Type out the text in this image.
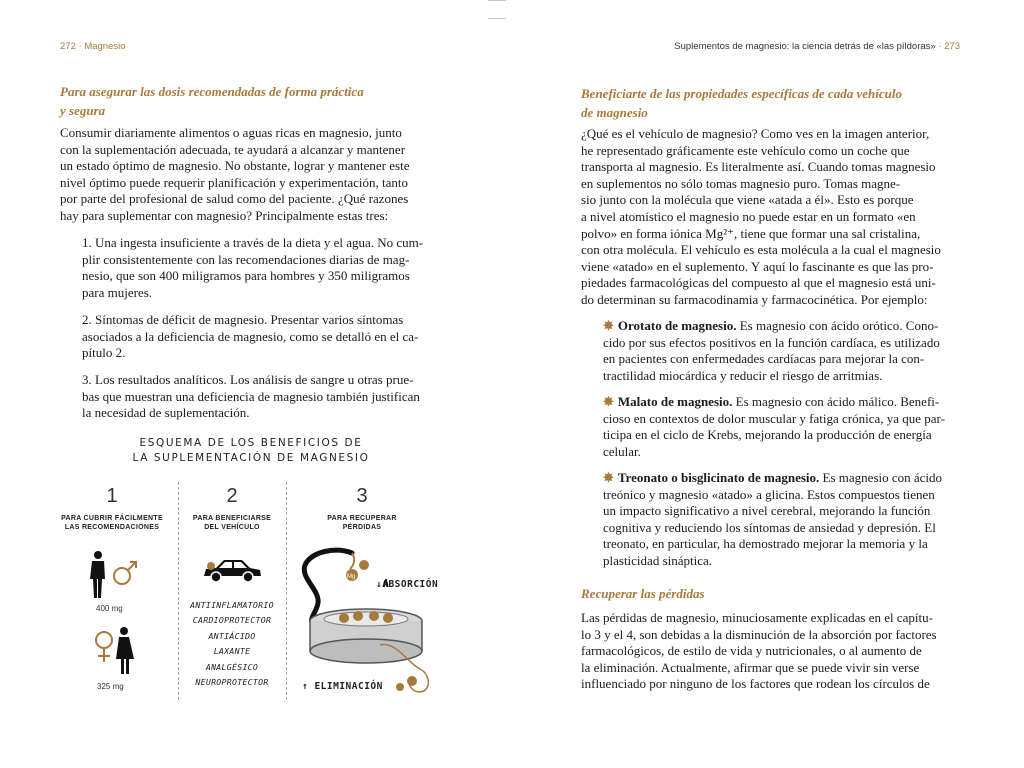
272 · Magnesio
Para asegurar las dosis recomendadas de forma práctica
y segura
Consumir diariamente alimentos o aguas ricas en magnesio, junto
con la suplementación adecuada, te ayudará a alcanzar y mantener
un estado óptimo de magnesio. No obstante, lograr y mantener este
nivel óptimo puede requerir planificación y experimentación, tanto
por parte del profesional de salud como del paciente. ¿Qué razones
hay para suplementar con magnesio? Principalmente estas tres:
1. Una ingesta insuficiente a través de la dieta y el agua. No cum-
plir consistentemente con las recomendaciones diarias de mag-
nesio, que son 400 miligramos para hombres y 350 miligramos
para mujeres.
2. Síntomas de déficit de magnesio. Presentar varios síntomas
asociados a la deficiencia de magnesio, como se detalló en el ca-
pítulo 2.
3. Los resultados analíticos. Los análisis de sangre u otras prue-
bas que muestran una deficiencia de magnesio también justifican
la necesidad de suplementación.
ESQUEMA DE LOS BENEFICIOS DE
LA SUPLEMENTACIÓN DE MAGNESIO
1
PARA CUBRIR FÁCILMENTE
LAS RECOMENDACIONES
2
PARA BENEFICIARSE
DEL VEHÍCULO
3
PARA RECUPERAR
PÉRDIDAS
400 mg
325 mg
ANTIINFLAMATORIO
CARDIOPROTECTOR
ANTIÁCIDO
LAXANTE
ANALGÉSICO
NEUROPROTECTOR
Mg
↓ABSORCIÓN
↑ ELIMINACIÓN
Suplementos de magnesio: la ciencia detrás de «las píldoras» · 273
Beneficiarte de las propiedades específicas de cada vehículo
de magnesio
¿Qué es el vehículo de magnesio? Como ves en la imagen anterior,
he representado gráficamente este vehículo como un coche que
transporta al magnesio. Es literalmente así. Cuando tomas magnesio
en suplementos no sólo tomas magnesio puro. Tomas magne-
sio junto con la molécula que viene «atada a él». Esto es porque
a nivel atomístico el magnesio no puede estar en un formato «en
polvo» en forma iónica Mg²⁺, tiene que formar una sal cristalina,
con otra molécula. El vehículo es esta molécula a la cual el magnesio
viene «atado» en el suplemento. Y aquí lo fascinante es que las pro-
piedades farmacológicas del compuesto al que el magnesio está uni-
do determinan su farmacodinamia y farmacocinética. Por ejemplo:
✸ Orotato de magnesio. Es magnesio con ácido orótico. Cono-
cido por sus efectos positivos en la función cardíaca, es utilizado
en pacientes con enfermedades cardíacas para mejorar la con-
tractilidad miocárdica y reducir el riesgo de arritmias.
✸ Malato de magnesio. Es magnesio con ácido málico. Benefi-
cioso en contextos de dolor muscular y fatiga crónica, ya que par-
ticipa en el ciclo de Krebs, mejorando la producción de energía
celular.
✸ Treonato o bisglicinato de magnesio. Es magnesio con ácido
treónico y magnesio «atado» a glicina. Estos compuestos tienen
un impacto significativo a nivel cerebral, mejorando la función
cognitiva y reduciendo los síntomas de ansiedad y depresión. El
treonato, en particular, ha demostrado mejorar la memoria y la
plasticidad sináptica.
Recuperar las pérdidas
Las pérdidas de magnesio, minuciosamente explicadas en el capítu-
lo 3 y el 4, son debidas a la disminución de la absorción por factores
farmacológicos, de estilo de vida y nutricionales, o al aumento de
la eliminación. Actualmente, afirmar que se puede vivir sin verse
influenciado por ninguno de los factores que rodean los círculos de
